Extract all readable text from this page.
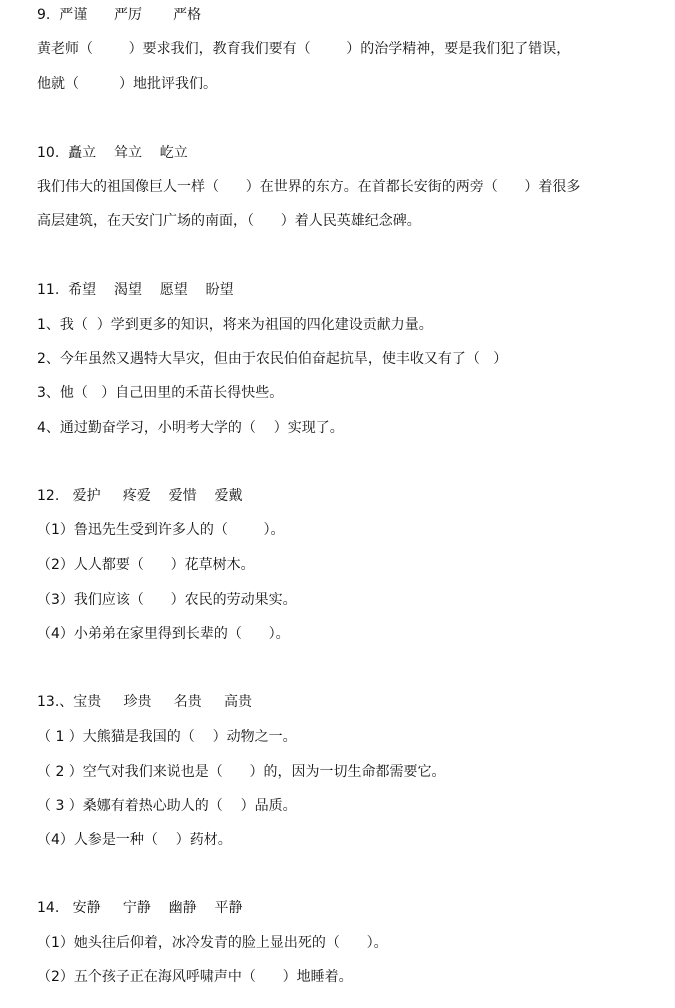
9.  严谨      严厉       严格
黄老师（        ）要求我们，教育我们要有（        ）的治学精神，要是我们犯了错误，
他就（         ）地批评我们。
10.  矗立    耸立    屹立
我们伟大的祖国像巨人一样（      ）在世界的东方。在首都长安街的两旁（      ）着很多
高层建筑，在天安门广场的南面，（      ）着人民英雄纪念碑。
11.  希望    渴望    愿望    盼望
1、我（  ）学到更多的知识，将来为祖国的四化建设贡献力量。
2、今年虽然又遇特大旱灾，但由于农民伯伯奋起抗旱，使丰收又有了（   ）
3、他（   ）自己田里的禾苗长得快些。
4、通过勤奋学习，小明考大学的（    ）实现了。
12.   爱护     疼爱    爱惜    爱戴
（1）鲁迅先生受到许多人的（        ）。
（2）人人都要（      ）花草树木。
（3）我们应该（      ）农民的劳动果实。
（4）小弟弟在家里得到长辈的（      ）。
13.、宝贵     珍贵     名贵     高贵
（ 1 ）大熊猫是我国的（    ）动物之一。
（ 2 ）空气对我们来说也是（      ）的，因为一切生命都需要它。
（ 3 ）桑娜有着热心助人的（    ）品质。
（4）人参是一种（    ）药材。
14.   安静     宁静    幽静    平静
（1）她头往后仰着，冰冷发青的脸上显出死的（      ）。
（2）五个孩子正在海风呼啸声中（      ）地睡着。
